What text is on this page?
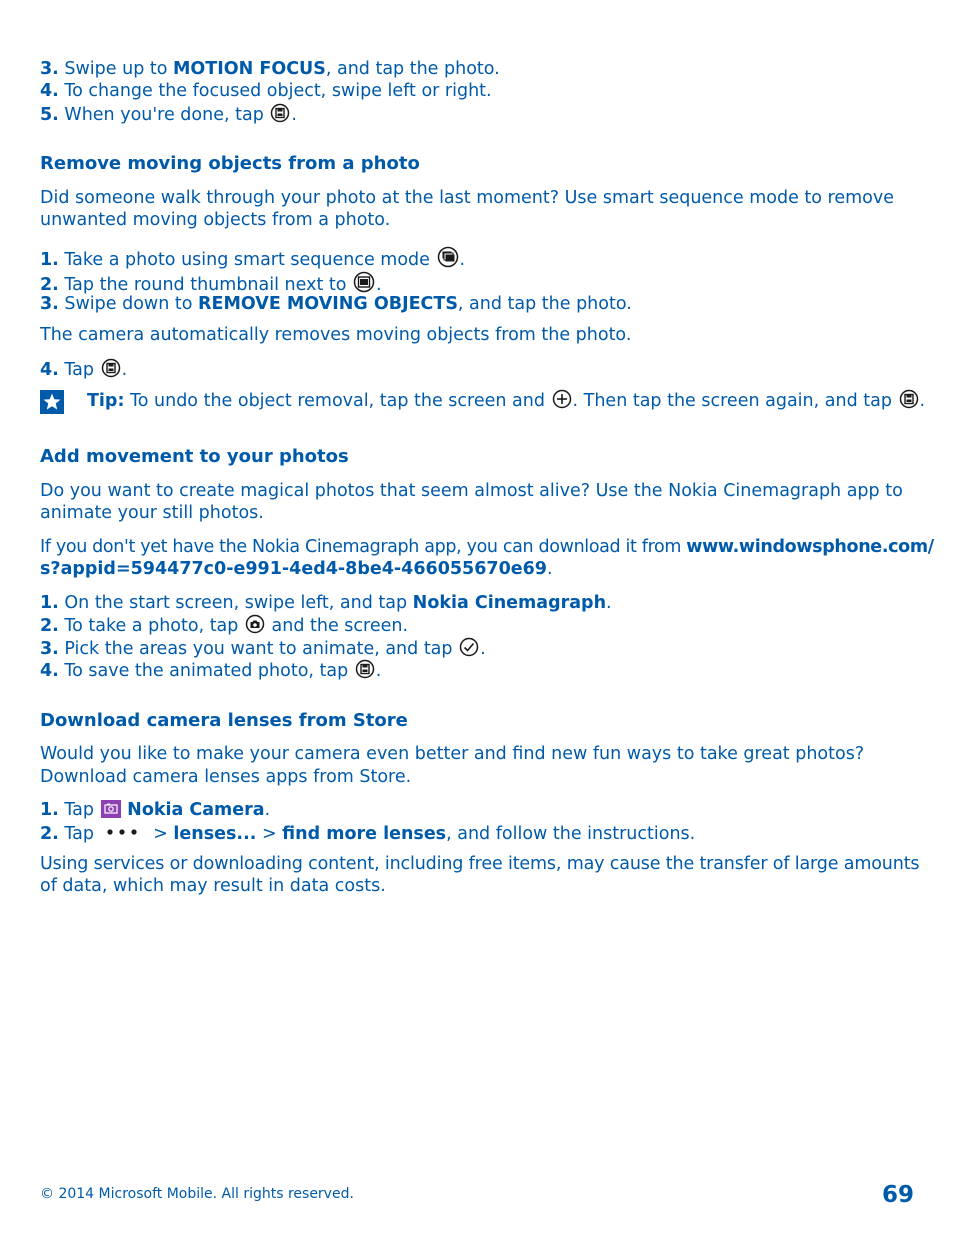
3. Swipe up to MOTION FOCUS, and tap the photo.
4. To change the focused object, swipe left or right.
5. When you're done, tap .
Remove moving objects from a photo
Did someone walk through your photo at the last moment? Use smart sequence mode to remove
unwanted moving objects from a photo.
1. Take a photo using smart sequence mode .
2. Tap the round thumbnail next to .
3. Swipe down to REMOVE MOVING OBJECTS, and tap the photo.
The camera automatically removes moving objects from the photo.
4. Tap .
Tip: To undo the object removal, tap the screen and . Then tap the screen again, and tap .
Add movement to your photos
Do you want to create magical photos that seem almost alive? Use the Nokia Cinemagraph app to
animate your still photos.
If you don't yet have the Nokia Cinemagraph app, you can download it from www.windowsphone.com/
s?appid=594477c0-e991-4ed4-8be4-466055670e69.
1. On the start screen, swipe left, and tap Nokia Cinemagraph.
2. To take a photo, tap  and the screen.
3. Pick the areas you want to animate, and tap .
4. To save the animated photo, tap .
Download camera lenses from Store
Would you like to make your camera even better and find new fun ways to take great photos?
Download camera lenses apps from Store.
1. Tap  Nokia Camera.
2. Tap	> lenses... > find more lenses, and follow the instructions.
Using services or downloading content, including free items, may cause the transfer of large amounts
of data, which may result in data costs.
© 2014 Microsoft Mobile. All rights reserved.	69
